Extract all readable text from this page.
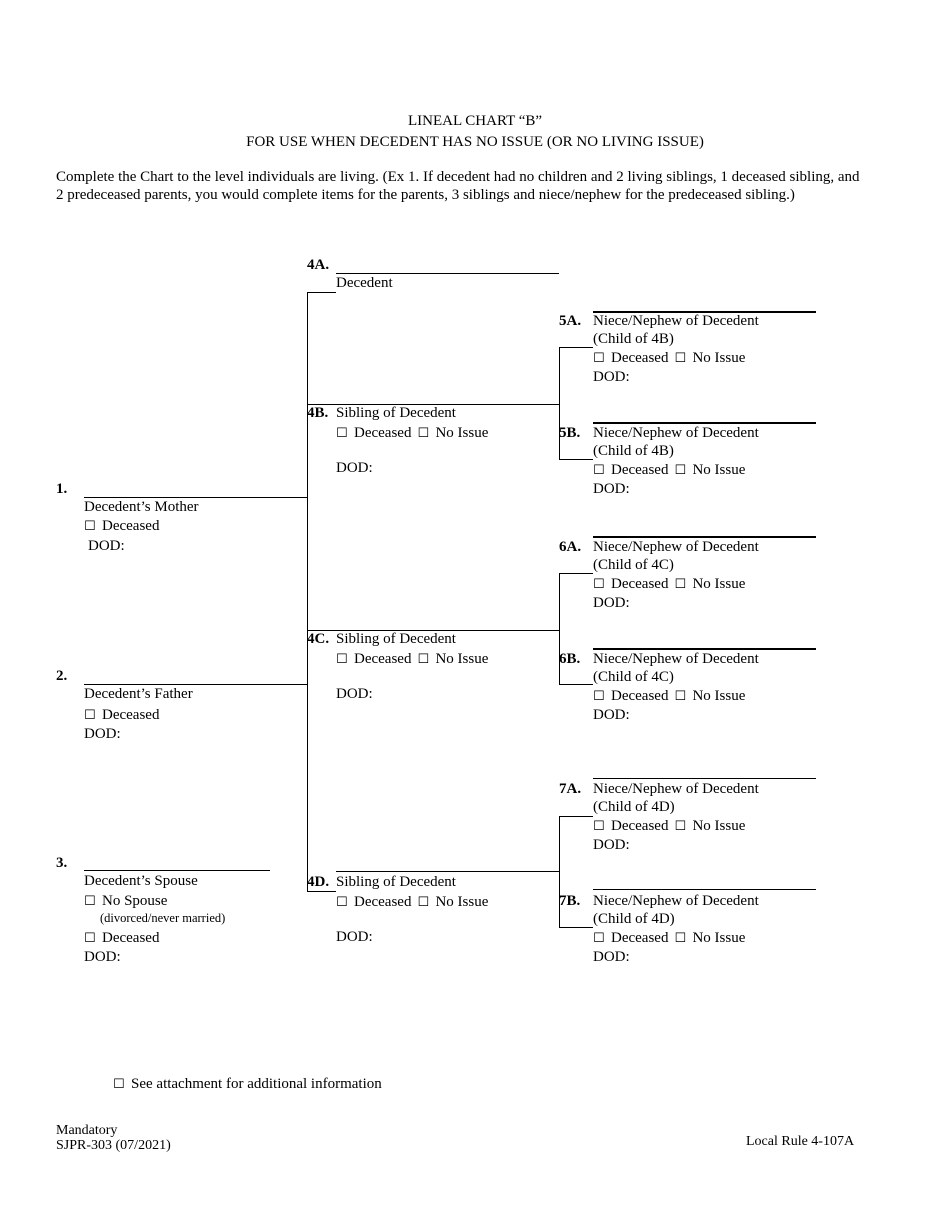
LINEAL CHART “B”
FOR USE WHEN DECEDENT HAS NO ISSUE (OR NO LIVING ISSUE)
Complete the Chart to the level individuals are living. (Ex 1. If decedent had no children and 2 living siblings, 1 deceased sibling, and
2 predeceased parents, you would complete items for the parents, 3 siblings and niece/nephew for the predeceased sibling.)
4A.
Decedent
1.
Decedent’s Mother
☐ Deceased
DOD:
2.
Decedent’s Father
☐ Deceased
DOD:
3.
Decedent’s Spouse
☐ No Spouse
(divorced/never married)
☐ Deceased
DOD:
4B. Sibling of Decedent
☐ Deceased ☐ No Issue
DOD:
4C. Sibling of Decedent
☐ Deceased ☐ No Issue
DOD:
4D. Sibling of Decedent
☐ Deceased ☐ No Issue
DOD:
5A. Niece/Nephew of Decedent
(Child of 4B)
☐ Deceased ☐ No Issue
DOD:
5B. Niece/Nephew of Decedent
(Child of 4B)
☐ Deceased ☐ No Issue
DOD:
6A. Niece/Nephew of Decedent
(Child of 4C)
☐ Deceased ☐ No Issue
DOD:
6B. Niece/Nephew of Decedent
(Child of 4C)
☐ Deceased ☐ No Issue
DOD:
7A. Niece/Nephew of Decedent
(Child of 4D)
☐ Deceased ☐ No Issue
DOD:
7B. Niece/Nephew of Decedent
(Child of 4D)
☐ Deceased ☐ No Issue
DOD:
☐ See attachment for additional information
Mandatory
SJPR-303 (07/2021)	Local Rule 4-107A
